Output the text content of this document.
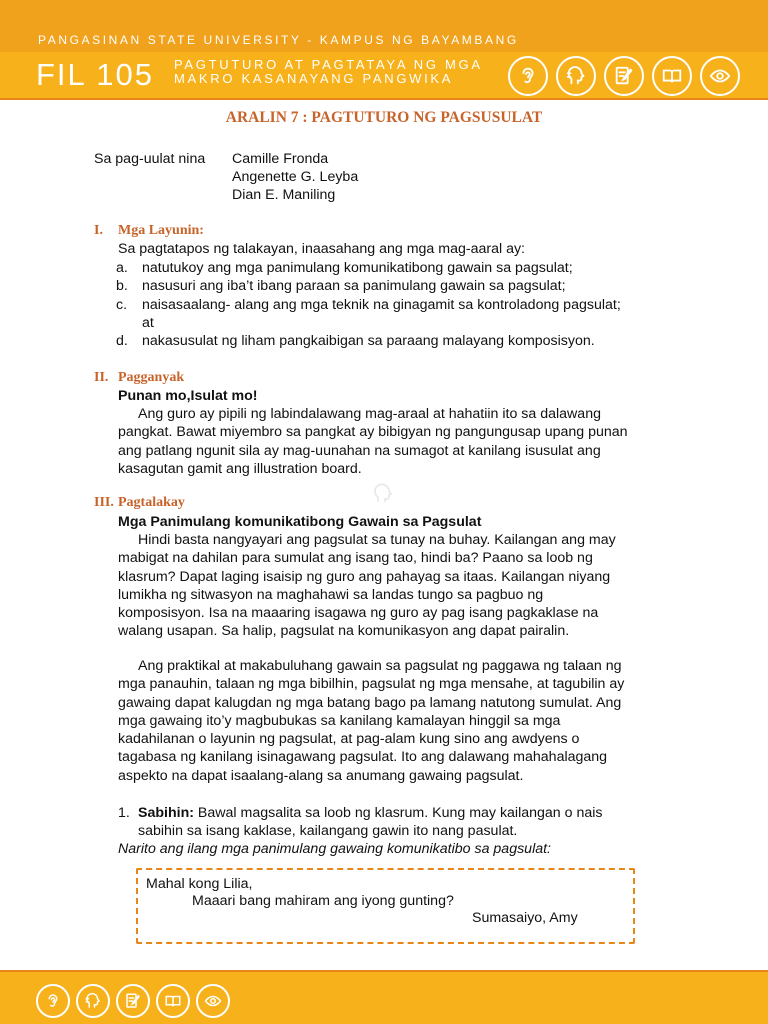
PANGASINAN STATE UNIVERSITY - KAMPUS NG BAYAMBANG
FIL 105 PAGTUTURO AT PAGTATAYA NG MGA
MAKRO KASANAYANG PANGWIKA
ARALIN 7 : PAGTUTURO NG PAGSUSULAT
Sa pag-uulat nina Camille Fronda
Angenette G. Leyba
Dian E. Maniling
I. Mga Layunin:
Sa pagtatapos ng talakayan, inaasahang ang mga mag-aaral ay:
a. natutukoy ang mga panimulang komunikatibong gawain sa pagsulat;
b. nasusuri ang iba’t ibang paraan sa panimulang gawain sa pagsulat;
c. naisasaalang- alang ang mga teknik na ginagamit sa kontroladong pagsulat;
at
d. nakasusulat ng liham pangkaibigan sa paraang malayang komposisyon.
II. Pagganyak
Punan mo,Isulat mo!
Ang guro ay pipili ng labindalawang mag-araal at hahatiin ito sa dalawang
pangkat. Bawat miyembro sa pangkat ay bibigyan ng pangungusap upang punan
ang patlang ngunit sila ay mag-uunahan na sumagot at kanilang isusulat ang
kasagutan gamit ang illustration board.
III. Pagtalakay
Mga Panimulang komunikatibong Gawain sa Pagsulat
Hindi basta nangyayari ang pagsulat sa tunay na buhay. Kailangan ang may
mabigat na dahilan para sumulat ang isang tao, hindi ba? Paano sa loob ng
klasrum? Dapat laging isaisip ng guro ang pahayag sa itaas. Kailangan niyang
lumikha ng sitwasyon na maghahawi sa landas tungo sa pagbuo ng
komposisyon. Isa na maaaring isagawa ng guro ay pag isang pagkaklase na
walang usapan. Sa halip, pagsulat na komunikasyon ang dapat pairalin.
Ang praktikal at makabuluhang gawain sa pagsulat ng paggawa ng talaan ng
mga panauhin, talaan ng mga bibilhin, pagsulat ng mga mensahe, at tagubilin ay
gawaing dapat kalugdan ng mga batang bago pa lamang natutong sumulat. Ang
mga gawaing ito’y magbubukas sa kanilang kamalayan hinggil sa mga
kadahilanan o layunin ng pagsulat, at pag-alam kung sino ang awdyens o
tagabasa ng kanilang isinagawang pagsulat. Ito ang dalawang mahahalagang
aspekto na dapat isaalang-alang sa anumang gawaing pagsulat.
1. Sabihin: Bawal magsalita sa loob ng klasrum. Kung may kailangan o nais
sabihin sa isang kaklase, kailangang gawin ito nang pasulat.
Narito ang ilang mga panimulang gawaing komunikatibo sa pagsulat:
Mahal kong Lilia,
Maaari bang mahiram ang iyong gunting?
Sumasaiyo, Amy
